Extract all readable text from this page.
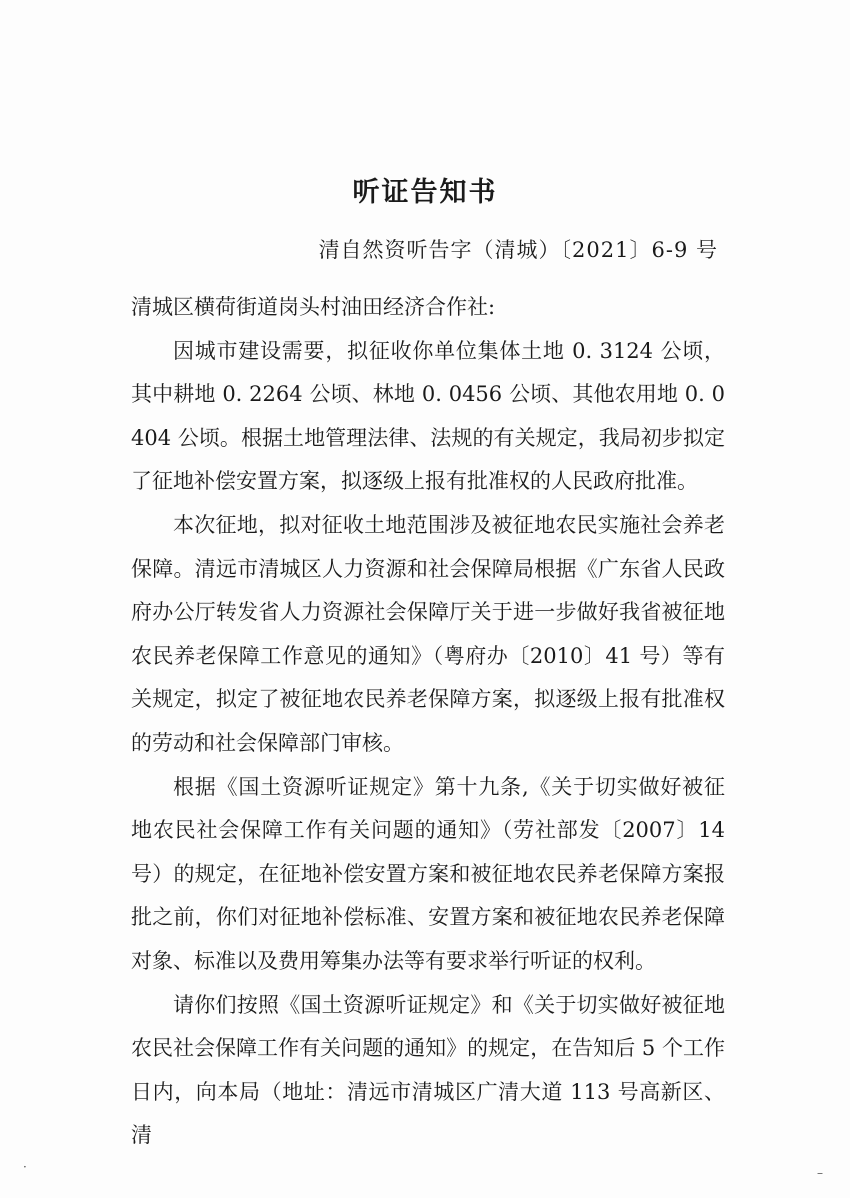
听证告知书
清自然资听告字（清城）〔2021〕6-9 号

清城区横荷街道岗头村油田经济合作社:

因城市建设需要，拟征收你单位集体土地 0. 3124 公顷，其中耕地 0. 2264 公顷、林地 0. 0456 公顷、其他农用地 0. 0404 公顷。根据土地管理法律、法规的有关规定，我局初步拟定了征地补偿安置方案，拟逐级上报有批准权的人民政府批准。

本次征地，拟对征收土地范围涉及被征地农民实施社会养老保障。清远市清城区人力资源和社会保障局根据《广东省人民政府办公厅转发省人力资源社会保障厅关于进一步做好我省被征地农民养老保障工作意见的通知》（粤府办〔2010〕41 号）等有关规定，拟定了被征地农民养老保障方案，拟逐级上报有批准权的劳动和社会保障部门审核。

根据《国土资源听证规定》第十九条,《关于切实做好被征地农民社会保障工作有关问题的通知》（劳社部发〔2007〕14 号）的规定，在征地补偿安置方案和被征地农民养老保障方案报批之前，你们对征地补偿标准、安置方案和被征地农民养老保障对象、标准以及费用筹集办法等有要求举行听证的权利。

请你们按照《国土资源听证规定》和《关于切实做好被征地农民社会保障工作有关问题的通知》的规定，在告知后 5 个工作日内，向本局（地址：清远市清城区广清大道 113 号高新区、清

·	–
